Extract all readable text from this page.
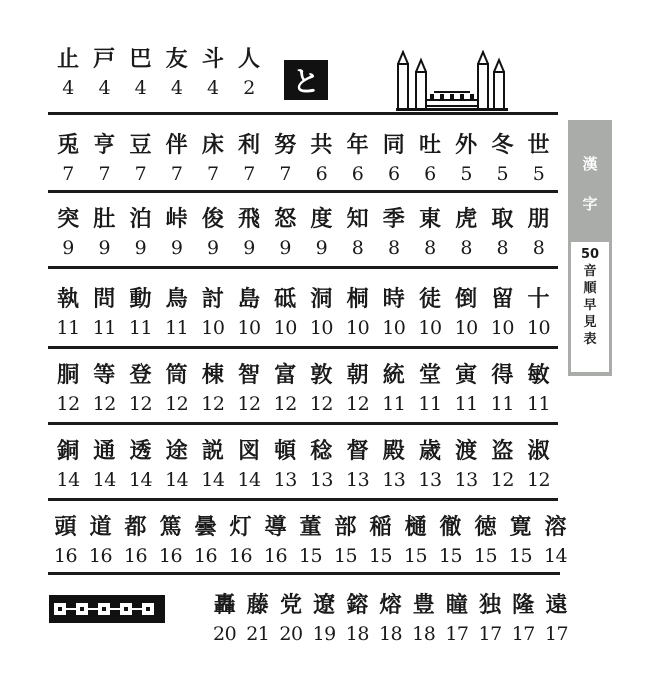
止
4
戸
4
巴
4
友
4
斗
4
人
2 と
兎
7
亨
7
豆
7
伴
7
床
7
利
7
努
7
共
6
年
6
同
6
吐
6
外
5
冬
5
世
5
突
9
肚
9
泊
9
峠
9
俊
9
飛
9
怒
9
度
9
知
8
季
8
東
8
虎
8
取
8
朋
8
執
11
問
11
動
11
鳥
11
討
10
島
10
砥
10
洞
10
桐
10
時
10
徒
10
倒
10
留
10
十
10
胴
12
等
12
登
12
筒
12
棟
12
智
12
富
12
敦
12
朝
12
統
11
堂
11
寅
11
得
11
敏
11
銅
14
通
14
透
14
途
14
説
14
図
14
頓
13
稔
13
督
13
殿
13
歳
13
渡
13
盗
12
淑
12
頭
16
道
16
都
16
篤
16
曇
16
灯
16
導
16
董
15
部
15
稲
15
樋
15
徹
15
徳
15
寛
15
溶
14
轟
20
藤
21
党
20
遼
19
鎔
18
熔
18
豊
18
瞳
17
独
17
隆
17
遠
17
漢
字
50
音
順
早
見
表
